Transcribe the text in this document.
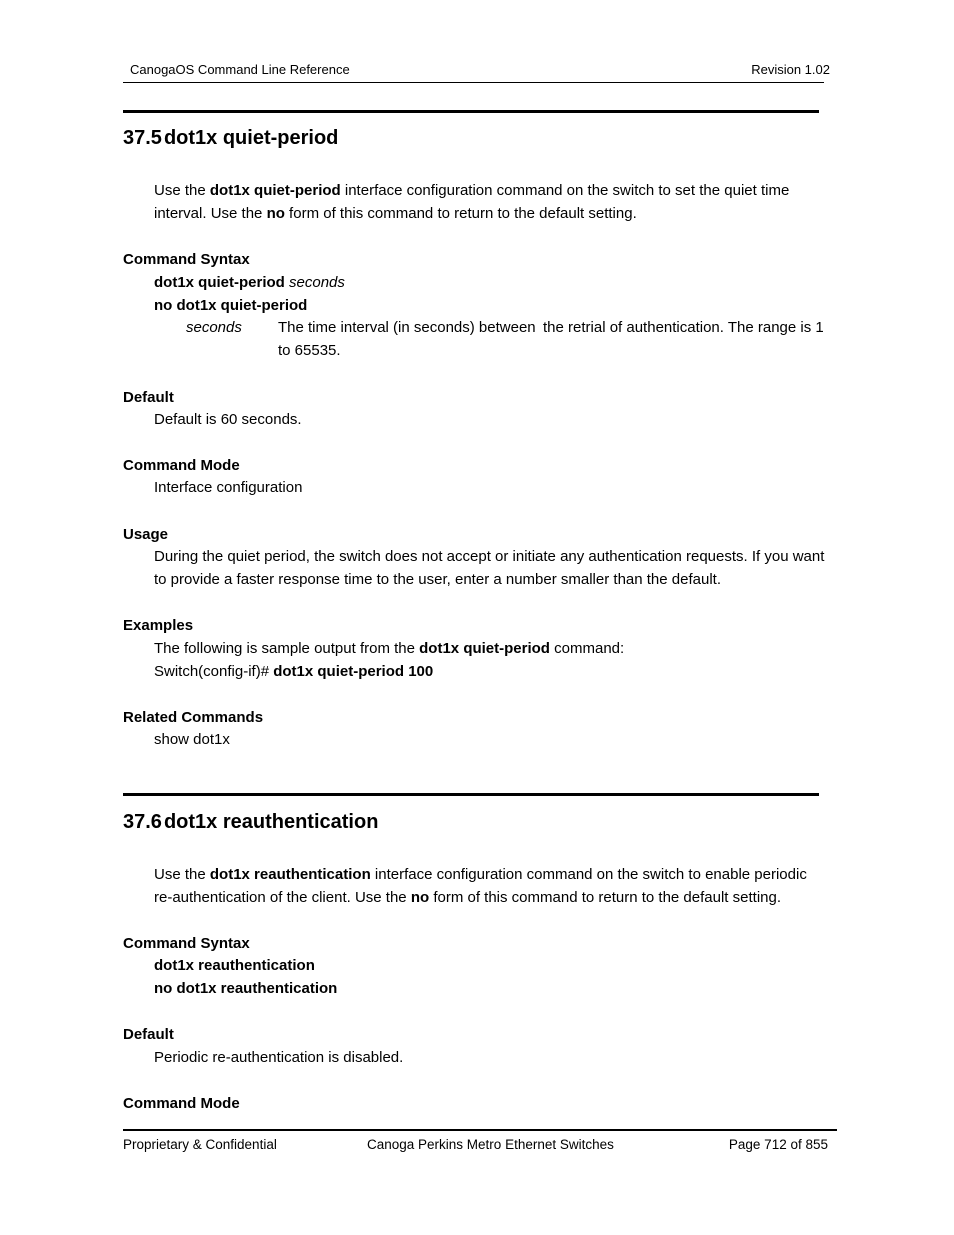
CanogaOS Command Line Reference	Revision 1.02
37.5 dot1x quiet-period
Use the dot1x quiet-period interface configuration command on the switch to set the quiet time
interval. Use the no form of this command to return to the default setting.
Command Syntax
dot1x quiet-period seconds
no dot1x quiet-period
seconds The time interval (in seconds) between the retrial of authentication. The range is 1
to 65535.
Default
Default is 60 seconds.
Command Mode
Interface configuration
Usage
During the quiet period, the switch does not accept or initiate any authentication requests. If you want
to provide a faster response time to the user, enter a number smaller than the default.
Examples
The following is sample output from the dot1x quiet-period command:
Switch(config-if)# dot1x quiet-period 100
Related Commands
show dot1x
37.6 dot1x reauthentication
Use the dot1x reauthentication interface configuration command on the switch to enable periodic
re-authentication of the client. Use the no form of this command to return to the default setting.
Command Syntax
dot1x reauthentication
no dot1x reauthentication
Default
Periodic re-authentication is disabled.
Command Mode
Proprietary & Confidential	Canoga Perkins Metro Ethernet Switches	Page 712 of 855
